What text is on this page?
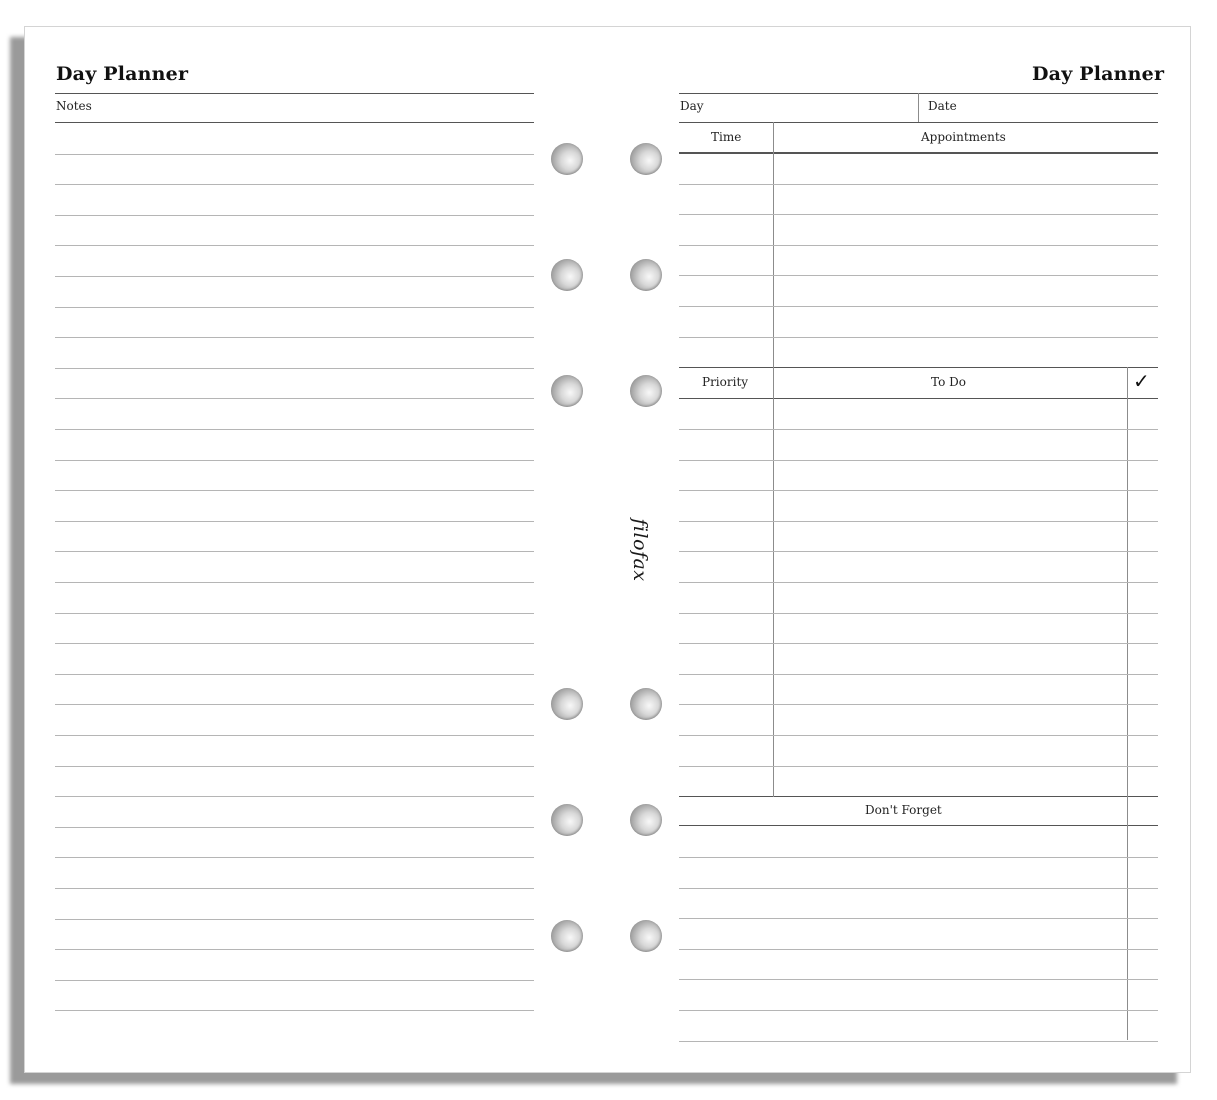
Day Planner
Notes
filofax
Day Planner
Day	Date
Time	Appointments
Priority	To Do	✓
Don't Forget
